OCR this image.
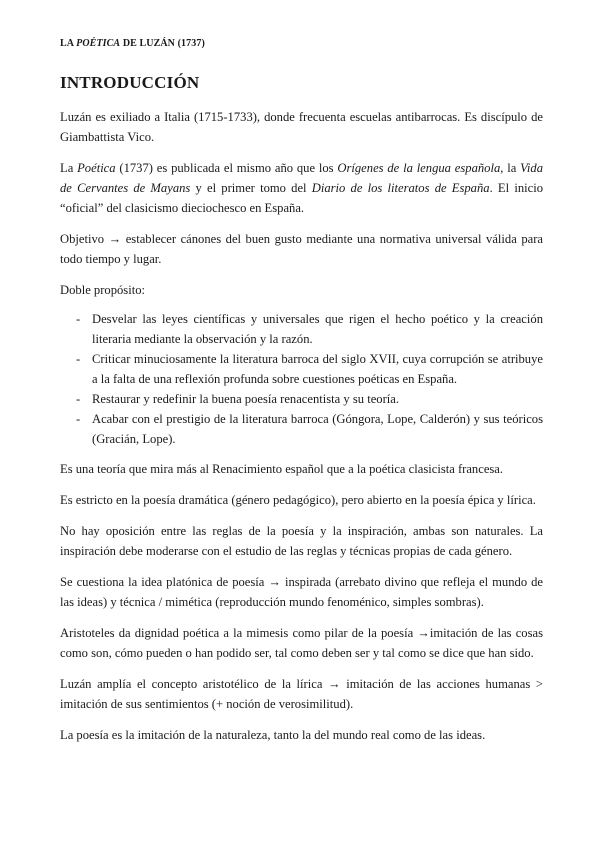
LA POÉTICA DE LUZÁN (1737)
INTRODUCCIÓN

Luzán es exiliado a Italia (1715-1733), donde frecuenta escuelas antibarrocas. Es discípulo de Giambattista Vico.

La Poética (1737) es publicada el mismo año que los Orígenes de la lengua española, la Vida de Cervantes de Mayans y el primer tomo del Diario de los literatos de España. El inicio “oficial” del clasicismo dieciochesco en España.

Objetivo → establecer cánones del buen gusto mediante una normativa universal válida para todo tiempo y lugar.

Doble propósito:

- Desvelar las leyes científicas y universales que rigen el hecho poético y la creación literaria mediante la observación y la razón.
- Criticar minuciosamente la literatura barroca del siglo XVII, cuya corrupción se atribuye a la falta de una reflexión profunda sobre cuestiones poéticas en España.
- Restaurar y redefinir la buena poesía renacentista y su teoría.
- Acabar con el prestigio de la literatura barroca (Góngora, Lope, Calderón) y sus teóricos (Gracián, Lope).

Es una teoría que mira más al Renacimiento español que a la poética clasicista francesa.

Es estricto en la poesía dramática (género pedagógico), pero abierto en la poesía épica y lírica.

No hay oposición entre las reglas de la poesía y la inspiración, ambas son naturales. La inspiración debe moderarse con el estudio de las reglas y técnicas propias de cada género.

Se cuestiona la idea platónica de poesía → inspirada (arrebato divino que refleja el mundo de las ideas) y técnica / mimética (reproducción mundo fenoménico, simples sombras).

Aristoteles da dignidad poética a la mimesis como pilar de la poesía →imitación de las cosas como son, cómo pueden o han podido ser, tal como deben ser y tal como se dice que han sido.

Luzán amplía el concepto aristotélico de la lírica → imitación de las acciones humanas > imitación de sus sentimientos (+ noción de verosimilitud).

La poesía es la imitación de la naturaleza, tanto la del mundo real como de las ideas.
